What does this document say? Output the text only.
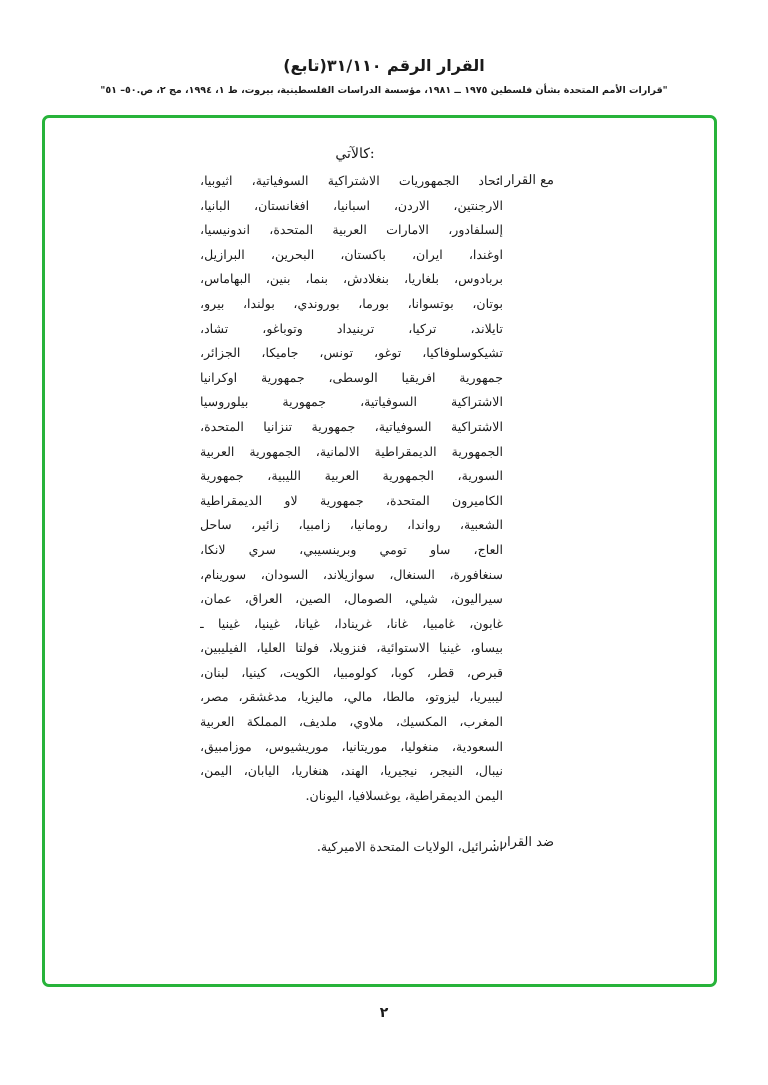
(تابع)القرار الرقم ٣١/١١٠
"قرارات الأمم المتحدة بشأن فلسطين ١٩٧٥ ــ ١٩٨١، مؤسسة الدراسات الفلسطينية، بيروت، ط ١، ١٩٩٤، مج ٢، ص.٥٠– ٥١"
كالآتي:
مع القرار :
اتحاد الجمهوريات الاشتراكية السوفياتية، اثيوبيا،
الارجنتين، الاردن، اسبانيا، افغانستان، البانيا،
إلسلفادور، الامارات العربية المتحدة، اندونيسيا،
اوغندا، ايران، باكستان، البحرين، البرازيل،
بربادوس، بلغاريا، بنغلادش، بنما، بنين، البهاماس،
بوتان، بوتسوانا، بورما، بوروندي، بولندا، بيرو،
تايلاند، تركيا، ترينيداد وتوباغو، تشاد،
تشيكوسلوفاكيا، توغو، تونس، جاميكا، الجزائر،
جمهورية افريقيا الوسطى، جمهورية اوكرانيا
الاشتراكية السوفياتية، جمهورية بيلوروسيا
الاشتراكية السوفياتية، جمهورية تنزانيا المتحدة،
الجمهورية الديمقراطية الالمانية، الجمهورية العربية
السورية، الجمهورية العربية الليبية، جمهورية
الكاميرون المتحدة، جمهورية لاو الديمقراطية
الشعبية، رواندا، رومانيا، زامبيا، زائير، ساحل
العاج، ساو تومي وبرينسيبي، سري لانكا،
سنغافورة، السنغال، سوازيلاند، السودان، سورينام،
سيراليون، شيلي، الصومال، الصين، العراق، عمان،
غابون، غامبيا، غانا، غرينادا، غيانا، غينيا، غينيا ـ
بيساو، غينيا الاستوائية، فنزويلا، فولتا العليا، الفيليبين،
قبرص، قطر، كوبا، كولومبيا، الكويت، كينيا، لبنان،
ليبيريا، ليزوتو، مالطا، مالي، ماليزيا، مدغشقر، مصر،
المغرب، المكسيك، ملاوي، ملديف، المملكة العربية
السعودية، منغوليا، موريتانيا، موريشيوس، موزامبيق،
نيبال، النيجر، نيجيريا، الهند، هنغاريا، اليابان، اليمن،
اليمن الديمقراطية، يوغسلافيا، اليونان.
ضد القرار :
اسرائيل، الولايات المتحدة الاميركية.
٢
